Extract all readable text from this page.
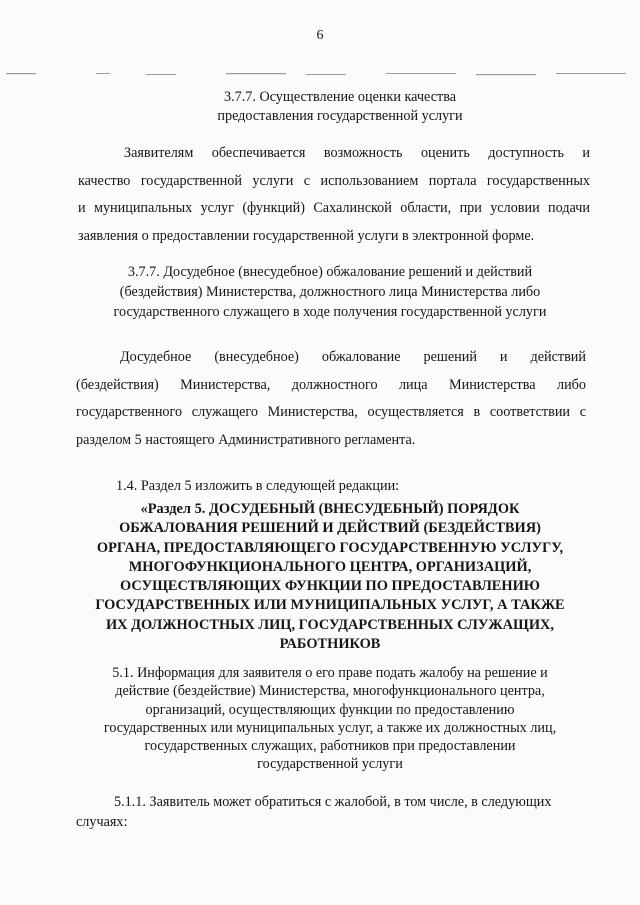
6
3.7.7. Осуществление оценки качества
предоставления государственной услуги
Заявителям обеспечивается возможность оценить доступность и
качество государственной услуги с использованием портала государственных
и муниципальных услуг (функций) Сахалинской области, при условии подачи
заявления о предоставлении государственной услуги в электронной форме.
3.7.7. Досудебное (внесудебное) обжалование решений и действий
(бездействия) Министерства, должностного лица Министерства либо
государственного служащего в ходе получения государственной услуги
Досудебное (внесудебное) обжалование решений и действий
(бездействия) Министерства, должностного лица Министерства либо
государственного служащего Министерства, осуществляется в соответствии с
разделом 5 настоящего Административного регламента.
1.4. Раздел 5 изложить в следующей редакции:
«Раздел 5. ДОСУДЕБНЫЙ (ВНЕСУДЕБНЫЙ) ПОРЯДОК
ОБЖАЛОВАНИЯ РЕШЕНИЙ И ДЕЙСТВИЙ (БЕЗДЕЙСТВИЯ)
ОРГАНА, ПРЕДОСТАВЛЯЮЩЕГО ГОСУДАРСТВЕННУЮ УСЛУГУ,
МНОГОФУНКЦИОНАЛЬНОГО ЦЕНТРА, ОРГАНИЗАЦИЙ,
ОСУЩЕСТВЛЯЮЩИХ ФУНКЦИИ ПО ПРЕДОСТАВЛЕНИЮ
ГОСУДАРСТВЕННЫХ ИЛИ МУНИЦИПАЛЬНЫХ УСЛУГ, А ТАКЖЕ
ИХ ДОЛЖНОСТНЫХ ЛИЦ, ГОСУДАРСТВЕННЫХ СЛУЖАЩИХ,
РАБОТНИКОВ
5.1. Информация для заявителя о его праве подать жалобу на решение и
действие (бездействие) Министерства, многофункционального центра,
организаций, осуществляющих функции по предоставлению
государственных или муниципальных услуг, а также их должностных лиц,
государственных служащих, работников при предоставлении
государственной услуги
5.1.1. Заявитель может обратиться с жалобой, в том числе, в следующих
случаях:
